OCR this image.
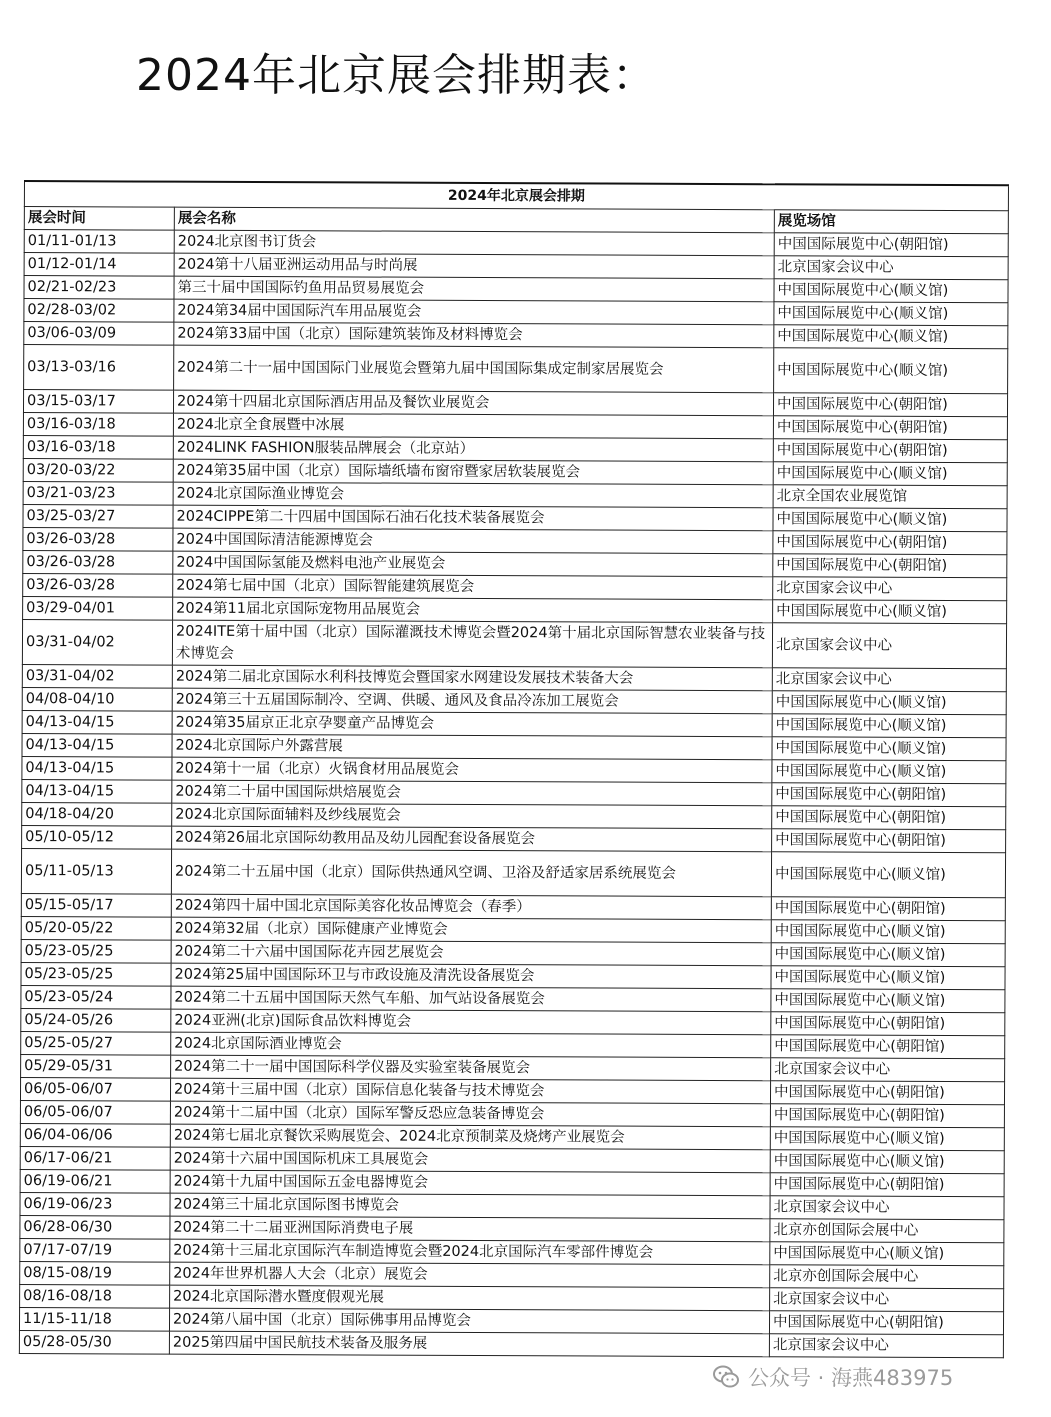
2024年北京展会排期表：
2024年北京展会排期		
展会时间	展会名称	展览场馆
01/11-01/13	2024北京图书订货会	中国国际展览中心(朝阳馆)
01/12-01/14	2024第十八届亚洲运动用品与时尚展	北京国家会议中心
02/21-02/23	第三十届中国国际钓鱼用品贸易展览会	中国国际展览中心(顺义馆)
02/28-03/02	2024第34届中国国际汽车用品展览会	中国国际展览中心(顺义馆)
03/06-03/09	2024第33届中国（北京）国际建筑装饰及材料博览会	中国国际展览中心(顺义馆)
03/13-03/16	2024第二十一届中国国际门业展览会暨第九届中国国际集成定制家居展览会	中国国际展览中心(顺义馆)
03/15-03/17	2024第十四届北京国际酒店用品及餐饮业展览会	中国国际展览中心(朝阳馆)
03/16-03/18	2024北京全食展暨中冰展	中国国际展览中心(朝阳馆)
03/16-03/18	2024LINK FASHION服装品牌展会（北京站）	中国国际展览中心(朝阳馆)
03/20-03/22	2024第35届中国（北京）国际墙纸墙布窗帘暨家居软装展览会	中国国际展览中心(顺义馆)
03/21-03/23	2024北京国际渔业博览会	北京全国农业展览馆
03/25-03/27	2024CIPPE第二十四届中国国际石油石化技术装备展览会	中国国际展览中心(顺义馆)
03/26-03/28	2024中国国际清洁能源博览会	中国国际展览中心(朝阳馆)
03/26-03/28	2024中国国际氢能及燃料电池产业展览会	中国国际展览中心(朝阳馆)
03/26-03/28	2024第七届中国（北京）国际智能建筑展览会	北京国家会议中心
03/29-04/01	2024第11届北京国际宠物用品展览会	中国国际展览中心(顺义馆)
03/31-04/02	2024ITE第十届中国（北京）国际灌溉技术博览会暨2024第十届北京国际智慧农业装备与技术博览会	北京国家会议中心
03/31-04/02	2024第二届北京国际水利科技博览会暨国家水网建设发展技术装备大会	北京国家会议中心
04/08-04/10	2024第三十五届国际制冷、空调、供暖、通风及食品冷冻加工展览会	中国国际展览中心(顺义馆)
04/13-04/15	2024第35届京正北京孕婴童产品博览会	中国国际展览中心(顺义馆)
04/13-04/15	2024北京国际户外露营展	中国国际展览中心(顺义馆)
04/13-04/15	2024第十一届（北京）火锅食材用品展览会	中国国际展览中心(顺义馆)
04/13-04/15	2024第二十届中国国际烘焙展览会	中国国际展览中心(朝阳馆)
04/18-04/20	2024北京国际面辅料及纱线展览会	中国国际展览中心(朝阳馆)
05/10-05/12	2024第26届北京国际幼教用品及幼儿园配套设备展览会	中国国际展览中心(朝阳馆)
05/11-05/13	2024第二十五届中国（北京）国际供热通风空调、卫浴及舒适家居系统展览会	中国国际展览中心(顺义馆)
05/15-05/17	2024第四十届中国北京国际美容化妆品博览会（春季）	中国国际展览中心(朝阳馆)
05/20-05/22	2024第32届（北京）国际健康产业博览会	中国国际展览中心(顺义馆)
05/23-05/25	2024第二十六届中国国际花卉园艺展览会	中国国际展览中心(顺义馆)
05/23-05/25	2024第25届中国国际环卫与市政设施及清洗设备展览会	中国国际展览中心(顺义馆)
05/23-05/24	2024第二十五届中国国际天然气车船、加气站设备展览会	中国国际展览中心(顺义馆)
05/24-05/26	2024亚洲(北京)国际食品饮料博览会	中国国际展览中心(朝阳馆)
05/25-05/27	2024北京国际酒业博览会	中国国际展览中心(朝阳馆)
05/29-05/31	2024第二十一届中国国际科学仪器及实验室装备展览会	北京国家会议中心
06/05-06/07	2024第十三届中国（北京）国际信息化装备与技术博览会	中国国际展览中心(朝阳馆)
06/05-06/07	2024第十二届中国（北京）国际军警反恐应急装备博览会	中国国际展览中心(朝阳馆)
06/04-06/06	2024第七届北京餐饮采购展览会、2024北京预制菜及烧烤产业展览会	中国国际展览中心(顺义馆)
06/17-06/21	2024第十六届中国国际机床工具展览会	中国国际展览中心(顺义馆)
06/19-06/21	2024第十九届中国国际五金电器博览会	中国国际展览中心(朝阳馆)
06/19-06/23	2024第三十届北京国际图书博览会	北京国家会议中心
06/28-06/30	2024第二十二届亚洲国际消费电子展	北京亦创国际会展中心
07/17-07/19	2024第十三届北京国际汽车制造博览会暨2024北京国际汽车零部件博览会	中国国际展览中心(顺义馆)
08/15-08/19	2024年世界机器人大会（北京）展览会	北京亦创国际会展中心
08/16-08/18	2024北京国际潜水暨度假观光展	北京国家会议中心
11/15-11/18	2024第八届中国（北京）国际佛事用品博览会	中国国际展览中心(朝阳馆)
05/28-05/30	2025第四届中国民航技术装备及服务展	北京国家会议中心
公众号 · 海燕483975
